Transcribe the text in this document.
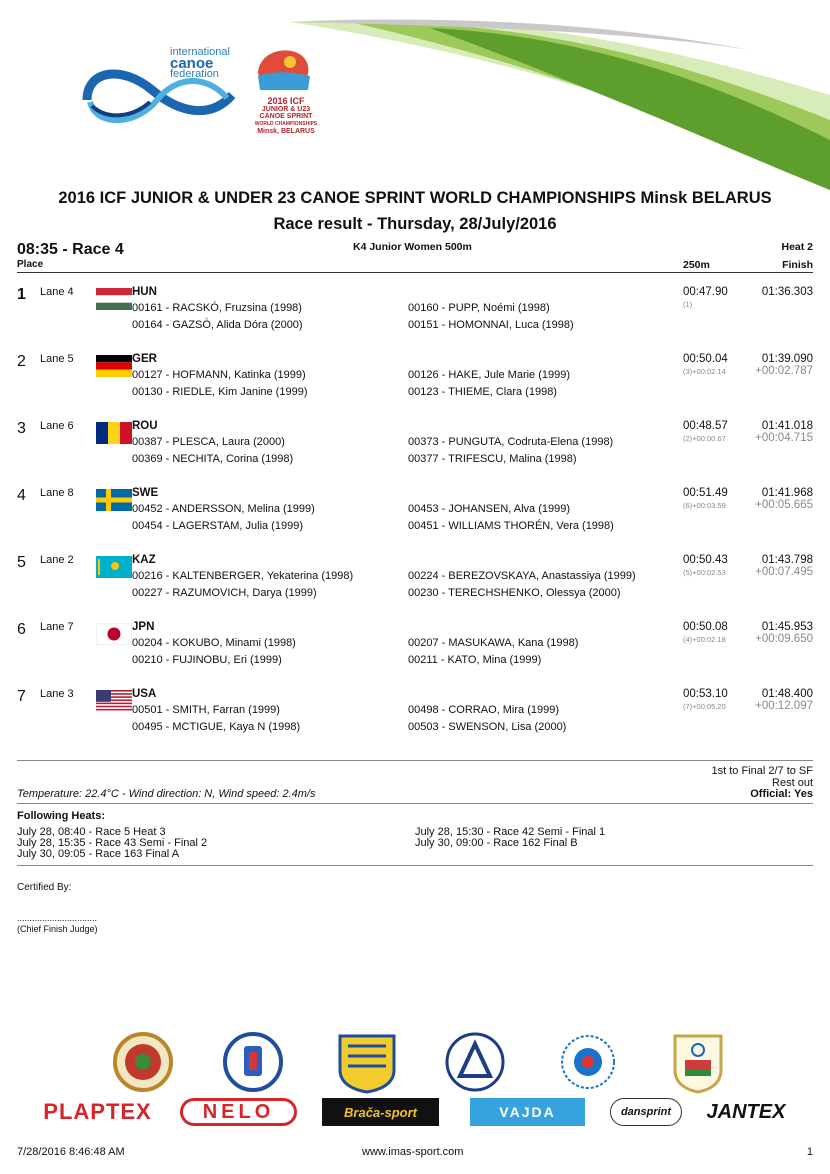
international
canoe
federation
2016 ICF
JUNIOR & U23
CANOE SPRINT
WORLD CHAMPIONSHIPS
Minsk, BELARUS
2016 ICF JUNIOR & UNDER 23 CANOE SPRINT WORLD CHAMPIONSHIPS Minsk BELARUS
Race result - Thursday, 28/July/2016
08:35 - Race 4
Place
K4 Junior Women 500m	Heat 2
250m	Finish
1 Lane 4	HUN
00161 - RACSKÓ, Fruzsina (1998)	00160 - PUPP, Noémi (1998)
00164 - GAZSÓ, Alida Dóra (2000)	00151 - HOMONNAI, Luca (1998)
00:47.90
(1)
01:36.303
2 Lane 5	GER
00127 - HOFMANN, Katinka (1999)	00126 - HAKE, Jule Marie (1999)
00130 - RIEDLE, Kim Janine (1999)	00123 - THIEME, Clara (1998)
00:50.04
(3)+00:02.14
01:39.090
+00:02.787
3 Lane 6	ROU
00387 - PLESCA, Laura (2000)	00373 - PUNGUTA, Codruta-Elena (1998)
00369 - NECHITA, Corina (1998)	00377 - TRIFESCU, Malina (1998)
00:48.57
(2)+00:00.67
01:41.018
+00:04.715
4 Lane 8	SWE
00452 - ANDERSSON, Melina (1999)	00453 - JOHANSEN, Alva (1999)
00454 - LAGERSTAM, Julia (1999)	00451 - WILLIAMS THORÉN, Vera (1998)
00:51.49
(6)+00:03.59
01:41.968
+00:05.665
5 Lane 2	KAZ
00216 - KALTENBERGER, Yekaterina (1998)	00224 - BEREZOVSKAYA, Anastassiya (1999)
00227 - RAZUMOVICH, Darya (1999)	00230 - TERECHSHENKO, Olessya (2000)
00:50.43
(5)+00:02.53
01:43.798
+00:07.495
6 Lane 7	JPN
00204 - KOKUBO, Minami (1998)	00207 - MASUKAWA, Kana (1998)
00210 - FUJINOBU, Eri (1999)	00211 - KATO, Mina (1999)
00:50.08
(4)+00:02.18
01:45.953
+00:09.650
7 Lane 3	USA
00501 - SMITH, Farran (1999)	00498 - CORRAO, Mira (1999)
00495 - MCTIGUE, Kaya N (1998)	00503 - SWENSON, Lisa (2000)
00:53.10
(7)+00:05.20
01:48.400
+00:12.097
1st to Final 2/7 to SF
Rest out
Temperature: 22.4°C - Wind direction: N, Wind speed: 2.4m/s	Official: Yes
Following Heats:
July 28, 08:40 - Race 5 Heat 3
July 28, 15:35 - Race 43 Semi - Final 2
July 30, 09:05 - Race 163 Final A
July 28, 15:30 - Race 42 Semi - Final 1
July 30, 09:00 - Race 162 Final B
Certified By:
................................
(Chief Finish Judge)
PLAPTEX	NELO	Brača-sport	VAJDA	dansprint	JANTEX
7/28/2016 8:46:48 AM	www.imas-sport.com	1
